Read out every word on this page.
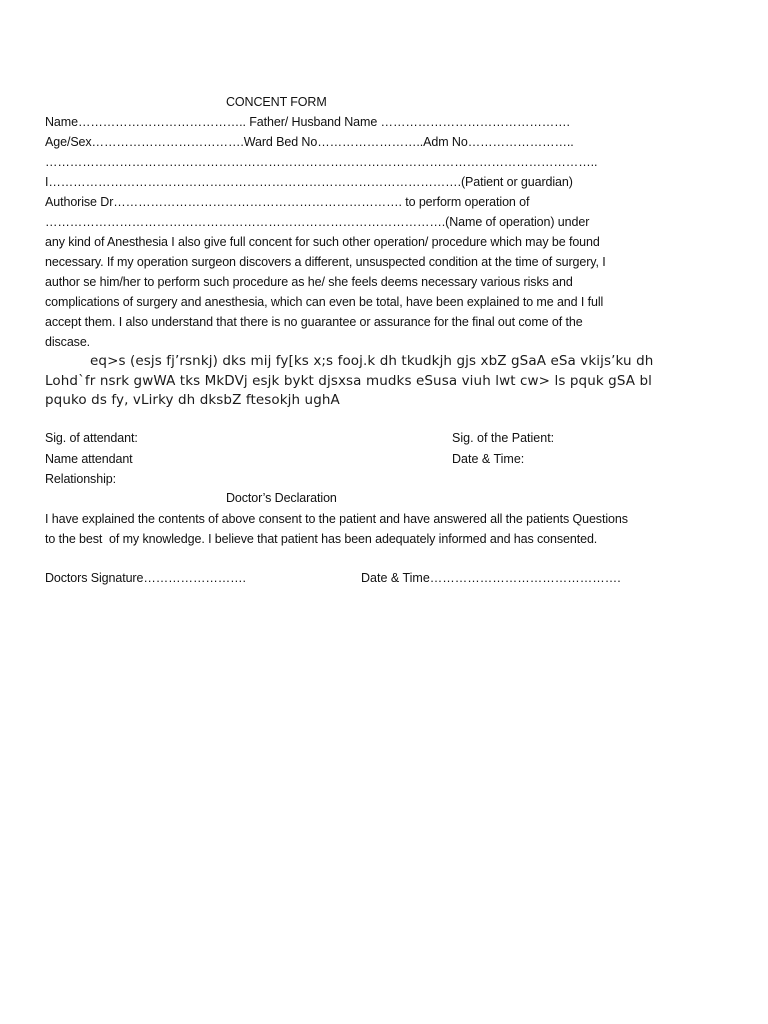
CONCENT FORM
Name………………………………….. Father/ Husband Name ……………………………………….
Age/Sex……………………………….Ward Bed No……………………..Adm No……………………..
……………………………………………………………………………………………………………………..
I……………………………………………………………………………………….(Patient or guardian)
Authorise Dr……………………………………………………………. to perform operation of
…………………………………………………………………………………….(Name of operation) under
any kind of Anesthesia I also give full concent for such other operation/ procedure which may be found
necessary. If my operation surgeon discovers a different, unsuspected condition at the time of surgery, I
author se him/her to perform such procedure as he/ she feels deems necessary various risks and
complications of surgery and anesthesia, which can even be total, have been explained to me and I full
accept them. I also understand that there is no guarantee or assurance for the final out come of the
discase.
eq>s (esjs fj’rsnkj) dks mij fy[ks x;s fooj.k dh tkudkjh gjs xbZ gSaA eSa vkijs’ku dh Lohd`fr nsrk gwWA tks MkDVj esjk bykt djsxsa mudks eSusa viuh lwt cw> ls pquk gSA bl pquko ds fy, vLirky dh dksbZ ftesokjh ughA
Sig. of attendant:	Sig. of the Patient:
Name attendant	Date & Time:
Relationship:
Doctor’s Declaration
I have explained the contents of above consent to the patient and have answered all the patients Questions
to the best  of my knowledge. I believe that patient has been adequately informed and has consented.
Doctors Signature…………………….	Date & Time……………………………………….
